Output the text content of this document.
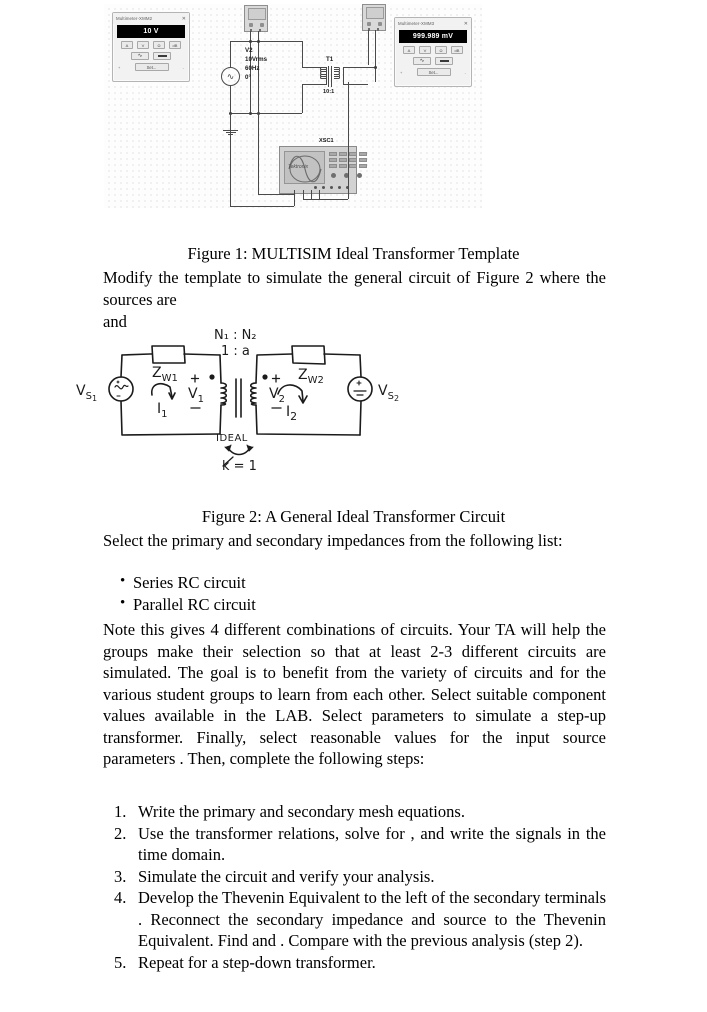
Multimeter-XMM2	✕
10 V
A	V	Ω	dB
∿
+	Set...	-
Multimeter-XMM3	✕
999.989 mV
A	V	Ω	dB
∿
+	Set...	-
∿
V2
10Vrms
60Hz
0°
T1
10:1
XSC1
Tektronix
Figure 1: MULTISIM Ideal Transformer Template
Modify the template to simulate the general circuit of Figure 2 where the sources are
and
$V_S1$	$V_S2$
$Z_{W1}$	$Z_{W2}$
$I_1$	$I_2$
$V_1$	$V_2$
N₁ : N₂
1 : a
IDEAL
k = 1
Figure 2: A General Ideal Transformer Circuit
Select the primary and secondary impedances from the following list:
• Series RC circuit
• Parallel RC circuit
Note this gives 4 different combinations of circuits. Your TA will help the groups make their selection so that at least 2-3 different circuits are simulated. The goal is to benefit from the variety of circuits and for the various student groups to learn from each other. Select suitable component values available in the LAB. Select parameters to simulate a step-up transformer. Finally, select reasonable values for the input source parameters . Then, complete the following steps:
1. Write the primary and secondary mesh equations.
2. Use the transformer relations, solve for , and write the signals in the time domain.
3. Simulate the circuit and verify your analysis.
4. Develop the Thevenin Equivalent to the left of the secondary terminals . Reconnect the secondary impedance and source to the Thevenin Equivalent. Find and . Compare with the previous analysis (step 2).
5. Repeat for a step-down transformer.
